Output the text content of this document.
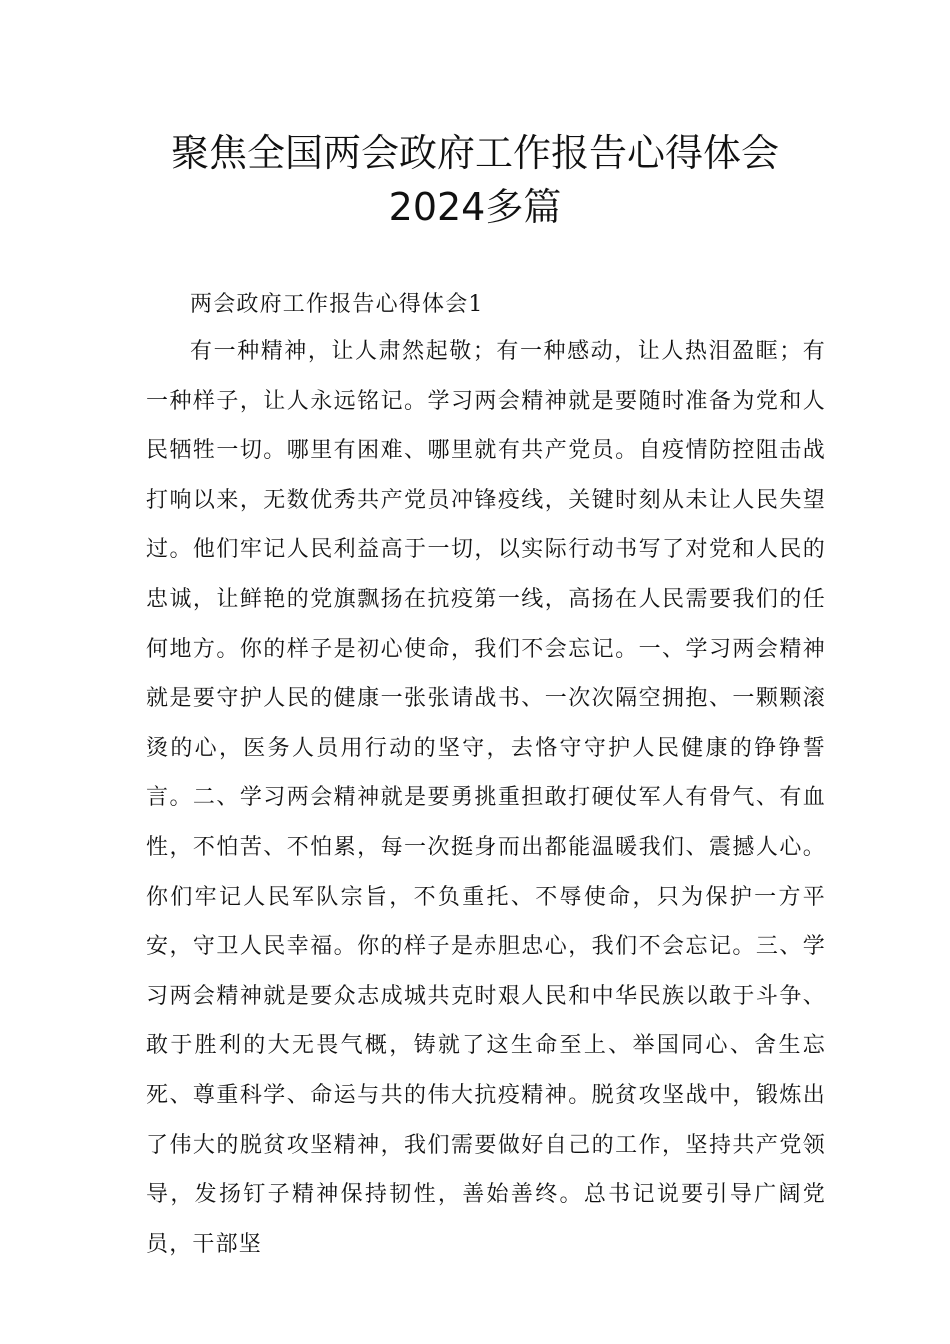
聚焦全国两会政府工作报告心得体会
2024多篇

两会政府工作报告心得体会1

有一种精神，让人肃然起敬；有一种感动，让人热泪盈眶；有一种样子，让人永远铭记。学习两会精神就是要随时准备为党和人民牺牲一切。哪里有困难、哪里就有共产党员。自疫情防控阻击战打响以来，无数优秀共产党员冲锋疫线，关键时刻从未让人民失望过。他们牢记人民利益高于一切，以实际行动书写了对党和人民的忠诚，让鲜艳的党旗飘扬在抗疫第一线，高扬在人民需要我们的任何地方。你的样子是初心使命，我们不会忘记。一、学习两会精神就是要守护人民的健康一张张请战书、一次次隔空拥抱、一颗颗滚烫的心，医务人员用行动的坚守，去恪守守护人民健康的铮铮誓言。二、学习两会精神就是要勇挑重担敢打硬仗军人有骨气、有血性，不怕苦、不怕累，每一次挺身而出都能温暖我们、震撼人心。你们牢记人民军队宗旨，不负重托、不辱使命，只为保护一方平安，守卫人民幸福。你的样子是赤胆忠心，我们不会忘记。三、学习两会精神就是要众志成城共克时艰人民和中华民族以敢于斗争、敢于胜利的大无畏气概，铸就了这生命至上、举国同心、舍生忘死、尊重科学、命运与共的伟大抗疫精神。脱贫攻坚战中，锻炼出了伟大的脱贫攻坚精神，我们需要做好自己的工作，坚持共产党领导，发扬钉子精神保持韧性，善始善终。总书记说要引导广阔党员，干部坚
